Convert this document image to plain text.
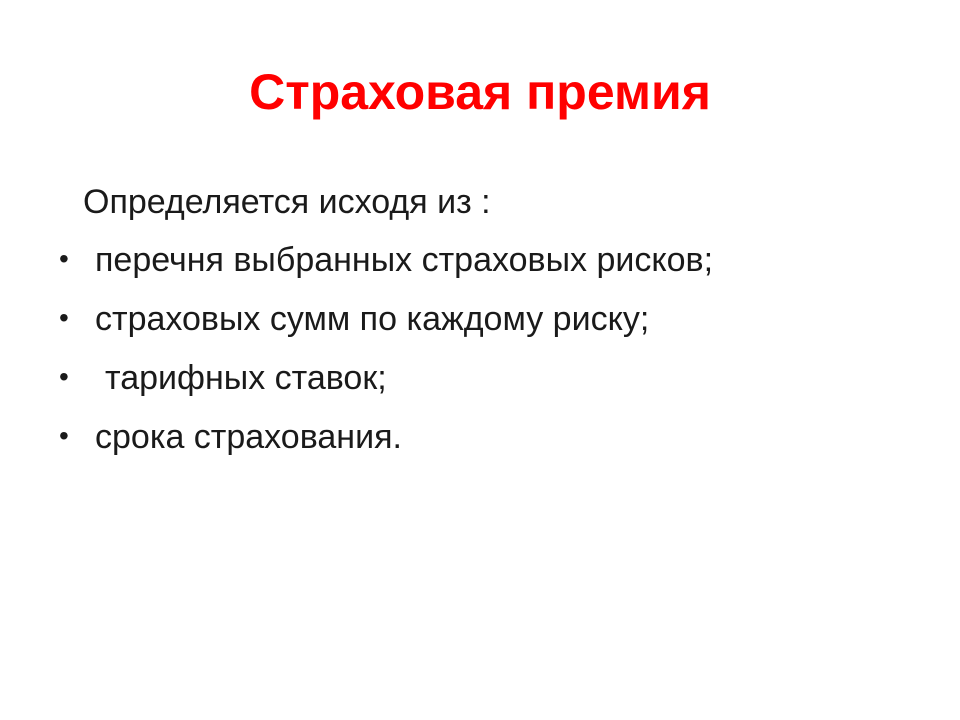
Страховая премия
Определяется исходя из :
• перечня выбранных страховых рисков;
• страховых сумм по каждому риску;
• тарифных ставок;
• срока страхования.
